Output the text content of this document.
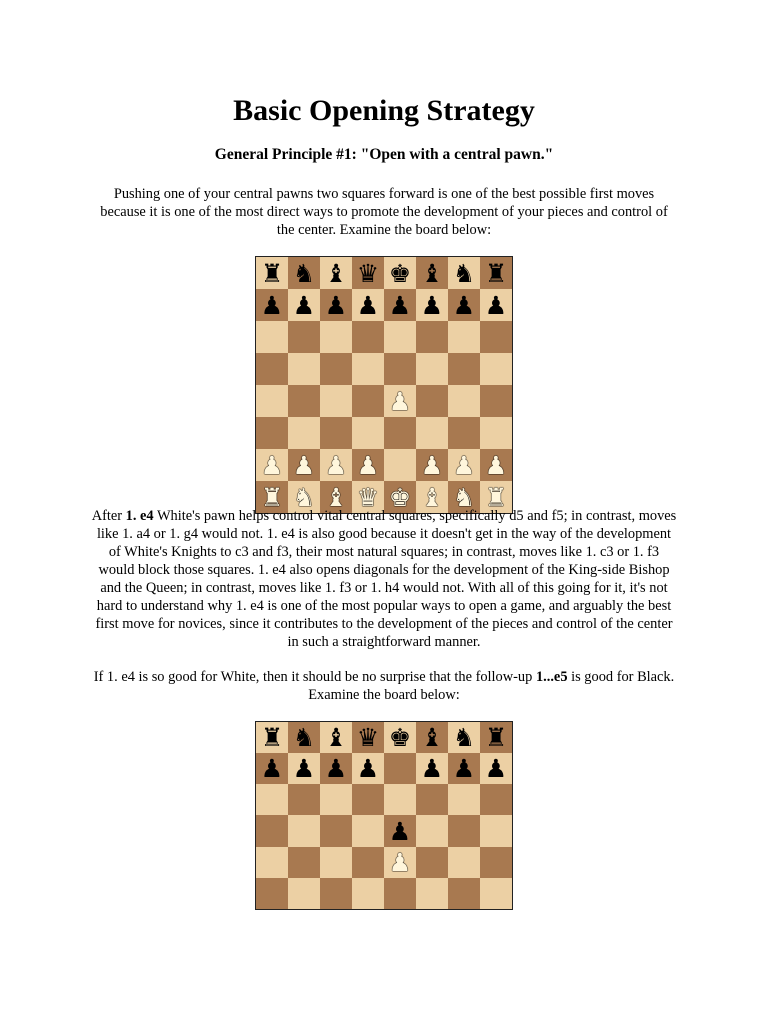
Basic Opening Strategy
General Principle #1: "Open with a central pawn."
Pushing one of your central pawns two squares forward is one of the best possible first moves because it is one of the most direct ways to promote the development of your pieces and control of the center. Examine the board below:
♜ ♞ ♝ ♛ ♚ ♝ ♞ ♜
♟ ♟ ♟ ♟ ♟ ♟ ♟ ♟
♟
♟ ♟ ♟ ♟ ♟ ♟ ♟
♜ ♞ ♝ ♛ ♚ ♝ ♞ ♜
After 1. e4 White's pawn helps control vital central squares, specifically d5 and f5; in contrast, moves like 1. a4 or 1. g4 would not. 1. e4 is also good because it doesn't get in the way of the development of White's Knights to c3 and f3, their most natural squares; in contrast, moves like 1. c3 or 1. f3 would block those squares. 1. e4 also opens diagonals for the development of the King-side Bishop and the Queen; in contrast, moves like 1. f3 or 1. h4 would not. With all of this going for it, it's not hard to understand why 1. e4 is one of the most popular ways to open a game, and arguably the best first move for novices, since it contributes to the development of the pieces and control of the center in such a straightforward manner.
If 1. e4 is so good for White, then it should be no surprise that the follow-up 1...e5 is good for Black. Examine the board below:
♜ ♞ ♝ ♛ ♚ ♝ ♞ ♜
♟ ♟ ♟ ♟ ♟ ♟ ♟
♟
♟
